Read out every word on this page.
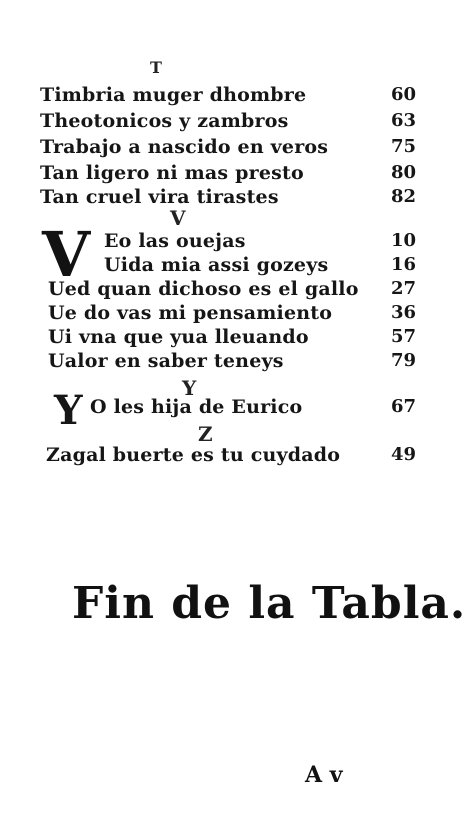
T
Timbria muger dhombre	60
Theotonicos y zambros	63
Trabajo a nascido en veros	75
Tan ligero ni mas presto	80
Tan cruel vira tirastes	82
V
V Eo las ouejas	10
Uida mia assi gozeys	16
Ued quan dichoso es el gallo 27
Ue do vas mi pensamiento	36
Ui vna que yua lleuando	57
Ualor en saber teneys	79
Y
Y O les hija de Eurico	67
Z
Zagal buerte es tu cuydado	49
Fin de la Tabla.
A v
